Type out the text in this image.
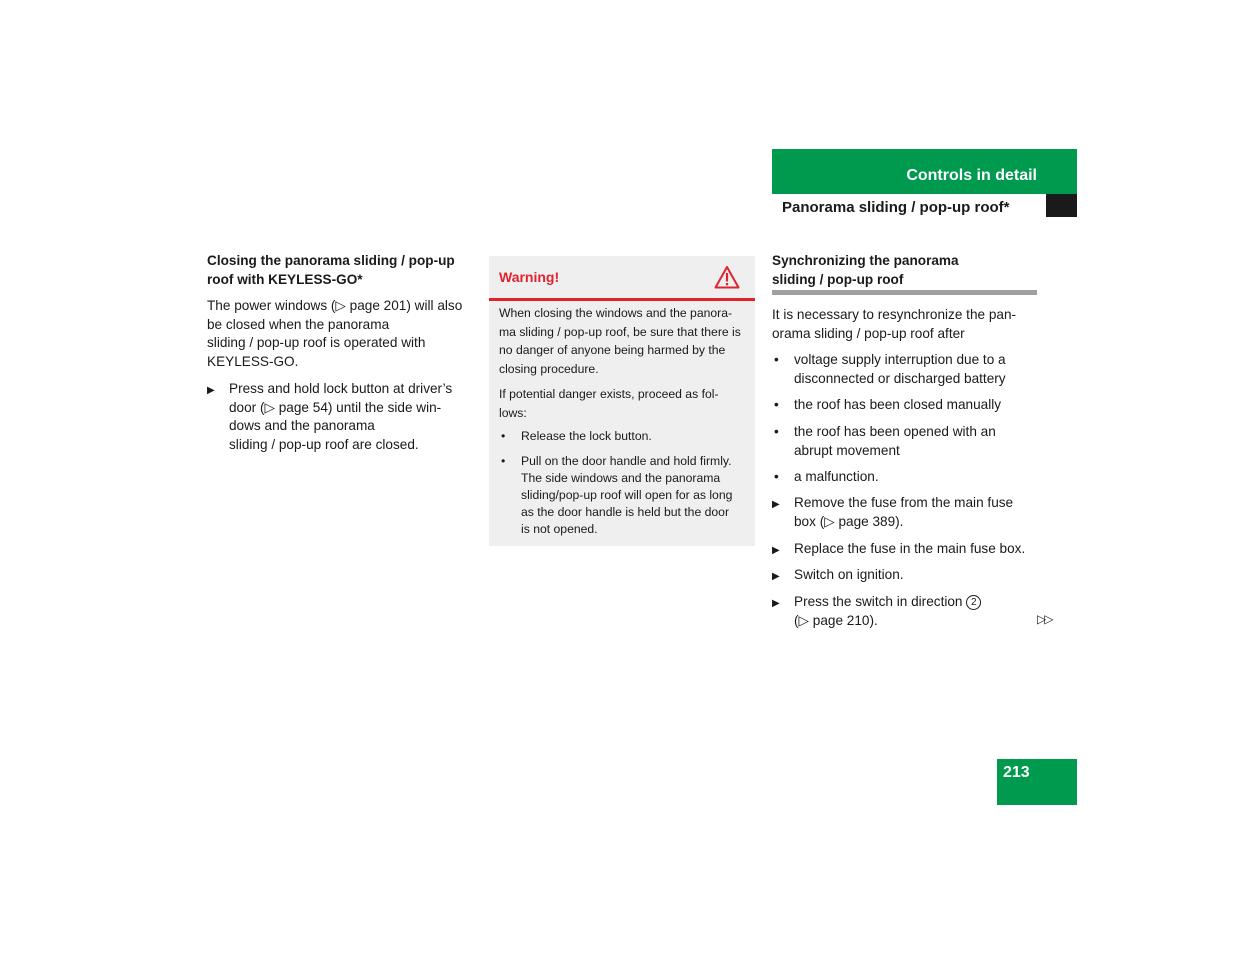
Controls in detail
Panorama sliding / pop-up roof*
Closing the panorama sliding / pop-up
roof with KEYLESS-GO*
The power windows (▷ page 201) will also
be closed when the panorama
sliding / pop-up roof is operated with
KEYLESS-GO.
▶ Press and hold lock button at driver’s
door (▷ page 54) until the side win-
dows and the panorama
sliding / pop-up roof are closed.
Warning!
When closing the windows and the panora-
ma sliding / pop-up roof, be sure that there is
no danger of anyone being harmed by the
closing procedure.
If potential danger exists, proceed as fol-
lows:
• Release the lock button.
• Pull on the door handle and hold firmly.
The side windows and the panorama
sliding/pop-up roof will open for as long
as the door handle is held but the door
is not opened.
Synchronizing the panorama
sliding / pop-up roof
It is necessary to resynchronize the pan-
orama sliding / pop-up roof after
• voltage supply interruption due to a
disconnected or discharged battery
• the roof has been closed manually
• the roof has been opened with an
abrupt movement
• a malfunction.
▶ Remove the fuse from the main fuse
box (▷ page 389).
▶ Replace the fuse in the main fuse box.
▶ Switch on ignition.
▶ Press the switch in direction 2
(▷ page 210).	▷▷
213
